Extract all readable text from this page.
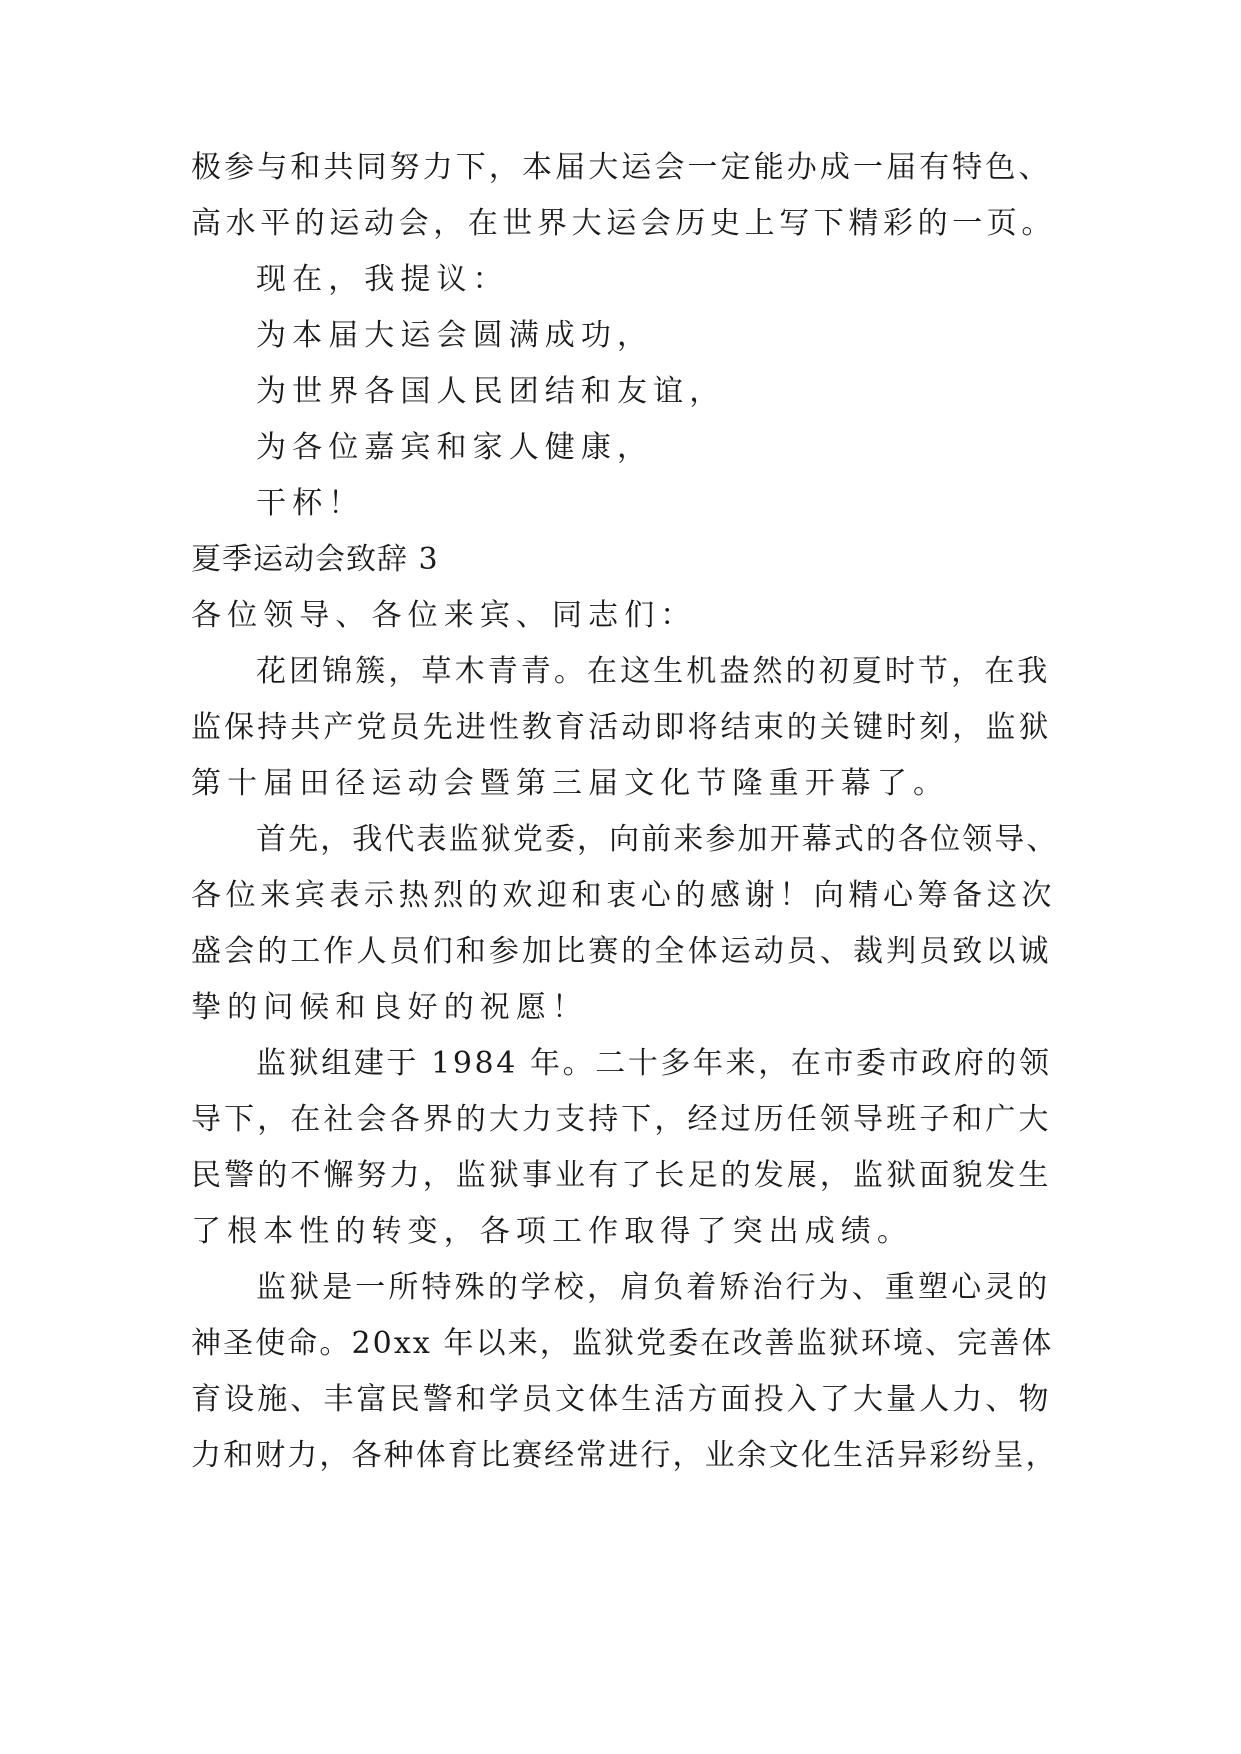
极参与和共同努力下，本届大运会一定能办成一届有特色、
高水平的运动会，在世界大运会历史上写下精彩的一页。
现在，我提议：
为本届大运会圆满成功，
为世界各国人民团结和友谊，
为各位嘉宾和家人健康，
干杯！
夏季运动会致辞 3
各位领导、各位来宾、同志们：
花团锦簇，草木青青。在这生机盎然的初夏时节，在我
监保持共产党员先进性教育活动即将结束的关键时刻，监狱
第十届田径运动会暨第三届文化节隆重开幕了。
首先，我代表监狱党委，向前来参加开幕式的各位领导、
各位来宾表示热烈的欢迎和衷心的感谢！向精心筹备这次
盛会的工作人员们和参加比赛的全体运动员、裁判员致以诚
挚的问候和良好的祝愿！
监狱组建于 1984 年。二十多年来，在市委市政府的领
导下，在社会各界的大力支持下，经过历任领导班子和广大
民警的不懈努力，监狱事业有了长足的发展，监狱面貌发生
了根本性的转变，各项工作取得了突出成绩。
监狱是一所特殊的学校，肩负着矫治行为、重塑心灵的
神圣使命。20xx 年以来，监狱党委在改善监狱环境、完善体
育设施、丰富民警和学员文体生活方面投入了大量人力、物
力和财力，各种体育比赛经常进行，业余文化生活异彩纷呈，
